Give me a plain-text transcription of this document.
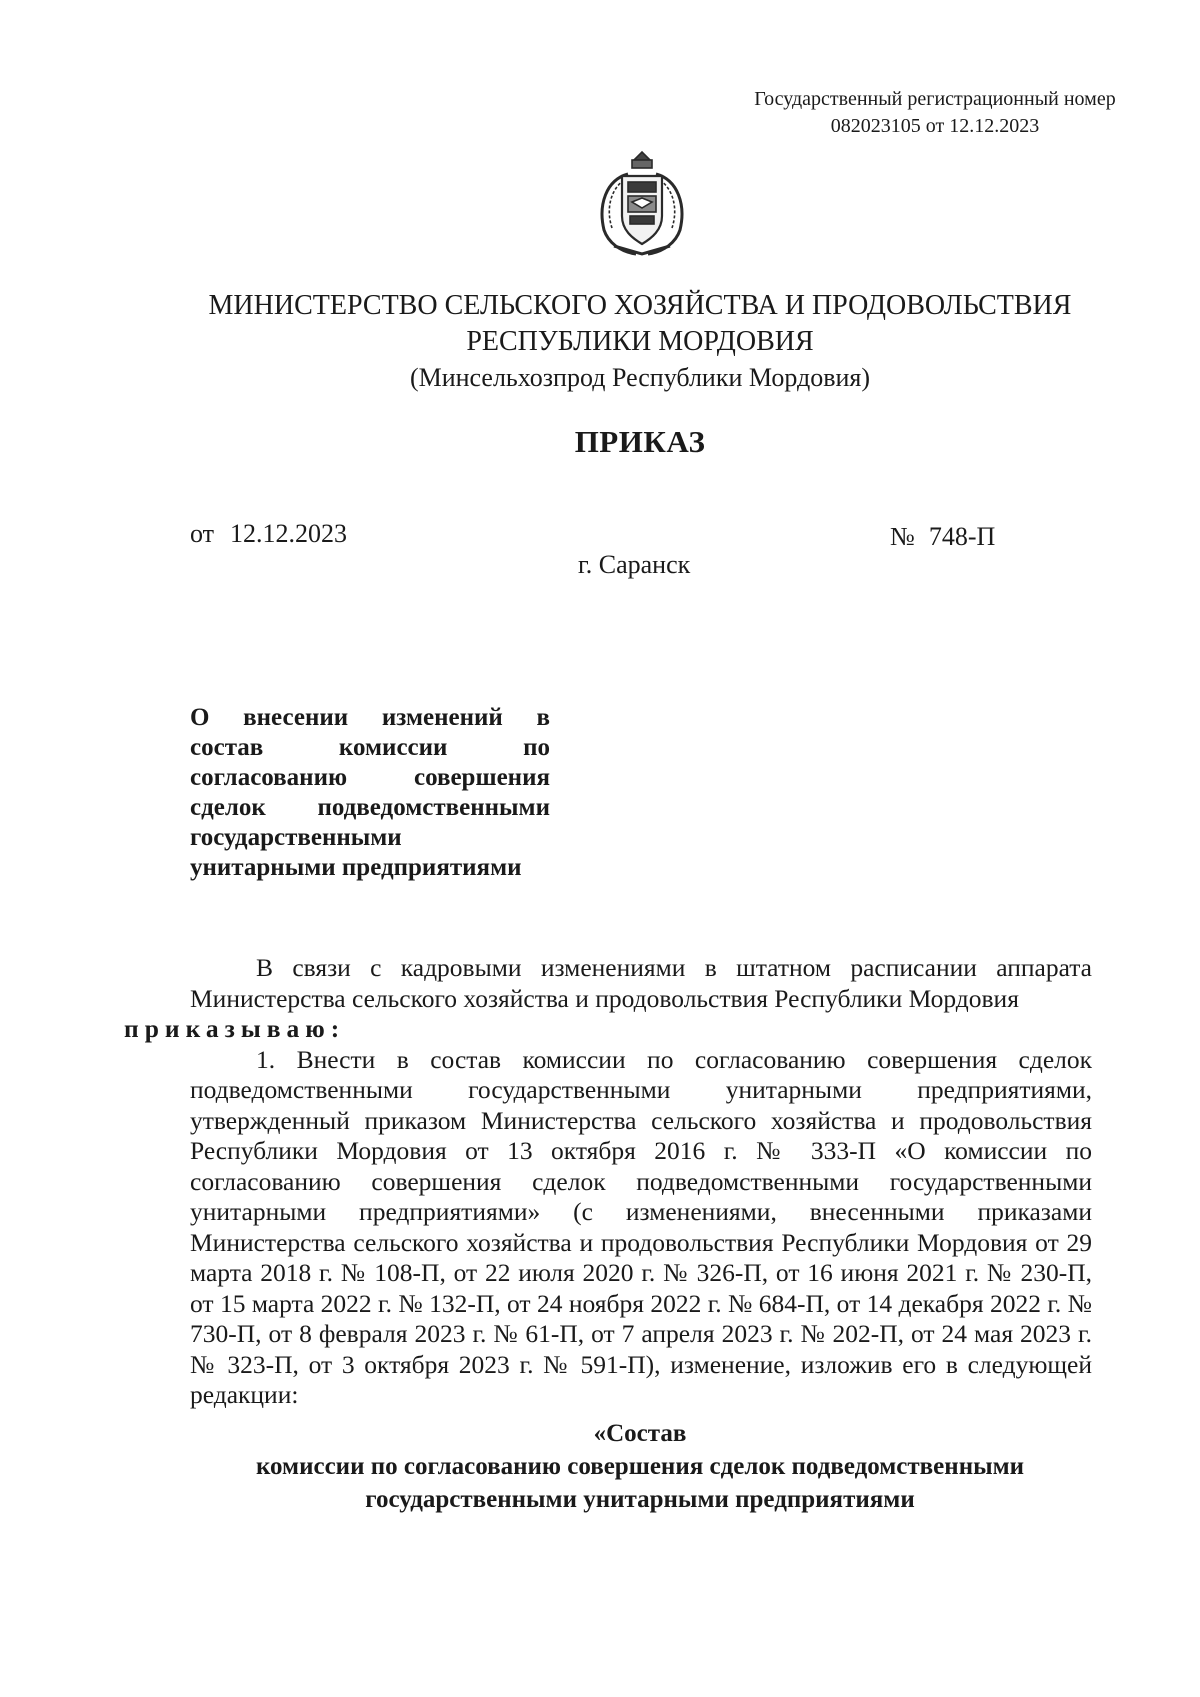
Государственный регистрационный номер
082023105 от 12.12.2023
МИНИСТЕРСТВО СЕЛЬСКОГО ХОЗЯЙСТВА И ПРОДОВОЛЬСТВИЯ
РЕСПУБЛИКИ МОРДОВИЯ
(Минсельхозпрод Республики Мордовия)
ПРИКАЗ
от 12.12.2023	№ 748-П
г. Саранск
О внесении изменений в
состав комиссии по
согласованию совершения
сделок подведомственными
государственными
унитарными предприятиями

В связи с кадровыми изменениями в штатном расписании аппарата Министерства сельского хозяйства и продовольствия Республики Мордовия
приказываю:

1. Внести в состав комиссии по согласованию совершения сделок подведомственными государственными унитарными предприятиями, утвержденный приказом Министерства сельского хозяйства и продовольствия Республики Мордовия от 13 октября 2016 г. № 333-П «О комиссии по согласованию совершения сделок подведомственными государственными унитарными предприятиями» (с изменениями, внесенными приказами Министерства сельского хозяйства и продовольствия Республики Мордовия от 29 марта 2018 г. № 108-П, от 22 июля 2020 г. № 326-П, от 16 июня 2021 г. № 230-П, от 15 марта 2022 г. № 132-П, от 24 ноября 2022 г. № 684-П, от 14 декабря 2022 г. № 730-П, от 8 февраля 2023 г. № 61-П, от 7 апреля 2023 г. № 202-П, от 24 мая 2023 г. № 323-П, от 3 октября 2023 г. № 591-П), изменение, изложив его в следующей редакции:

«Состав
комиссии по согласованию совершения сделок подведомственными
государственными унитарными предприятиями
